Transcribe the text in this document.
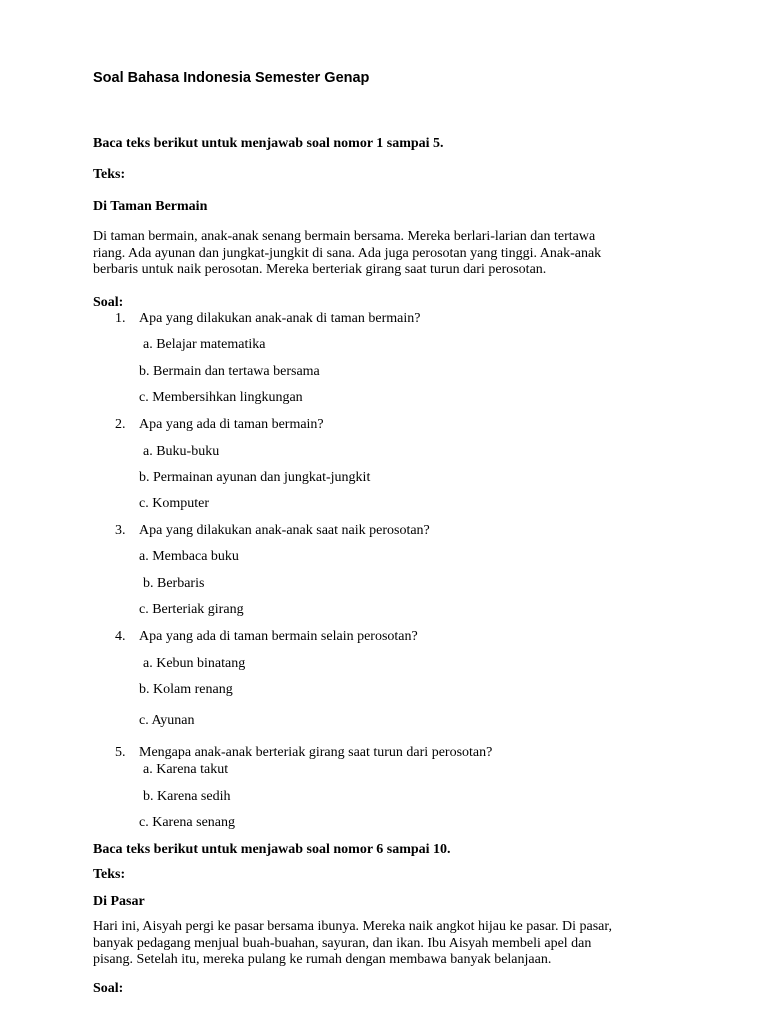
Soal Bahasa Indonesia Semester Genap
Baca teks berikut untuk menjawab soal nomor 1 sampai 5.
Teks:
Di Taman Bermain
Di taman bermain, anak-anak senang bermain bersama. Mereka berlari-larian dan tertawa
riang. Ada ayunan dan jungkat-jungkit di sana. Ada juga perosotan yang tinggi. Anak-anak
berbaris untuk naik perosotan. Mereka berteriak girang saat turun dari perosotan.
Soal:
1. Apa yang dilakukan anak-anak di taman bermain?
a. Belajar matematika
b. Bermain dan tertawa bersama
c. Membersihkan lingkungan
2. Apa yang ada di taman bermain?
a. Buku-buku
b. Permainan ayunan dan jungkat-jungkit
c. Komputer
3. Apa yang dilakukan anak-anak saat naik perosotan?
a. Membaca buku
b. Berbaris
c. Berteriak girang
4. Apa yang ada di taman bermain selain perosotan?
a. Kebun binatang
b. Kolam renang
c. Ayunan
5. Mengapa anak-anak berteriak girang saat turun dari perosotan?
a. Karena takut
b. Karena sedih
c. Karena senang
Baca teks berikut untuk menjawab soal nomor 6 sampai 10.
Teks:
Di Pasar
Hari ini, Aisyah pergi ke pasar bersama ibunya. Mereka naik angkot hijau ke pasar. Di pasar,
banyak pedagang menjual buah-buahan, sayuran, dan ikan. Ibu Aisyah membeli apel dan
pisang. Setelah itu, mereka pulang ke rumah dengan membawa banyak belanjaan.
Soal:
